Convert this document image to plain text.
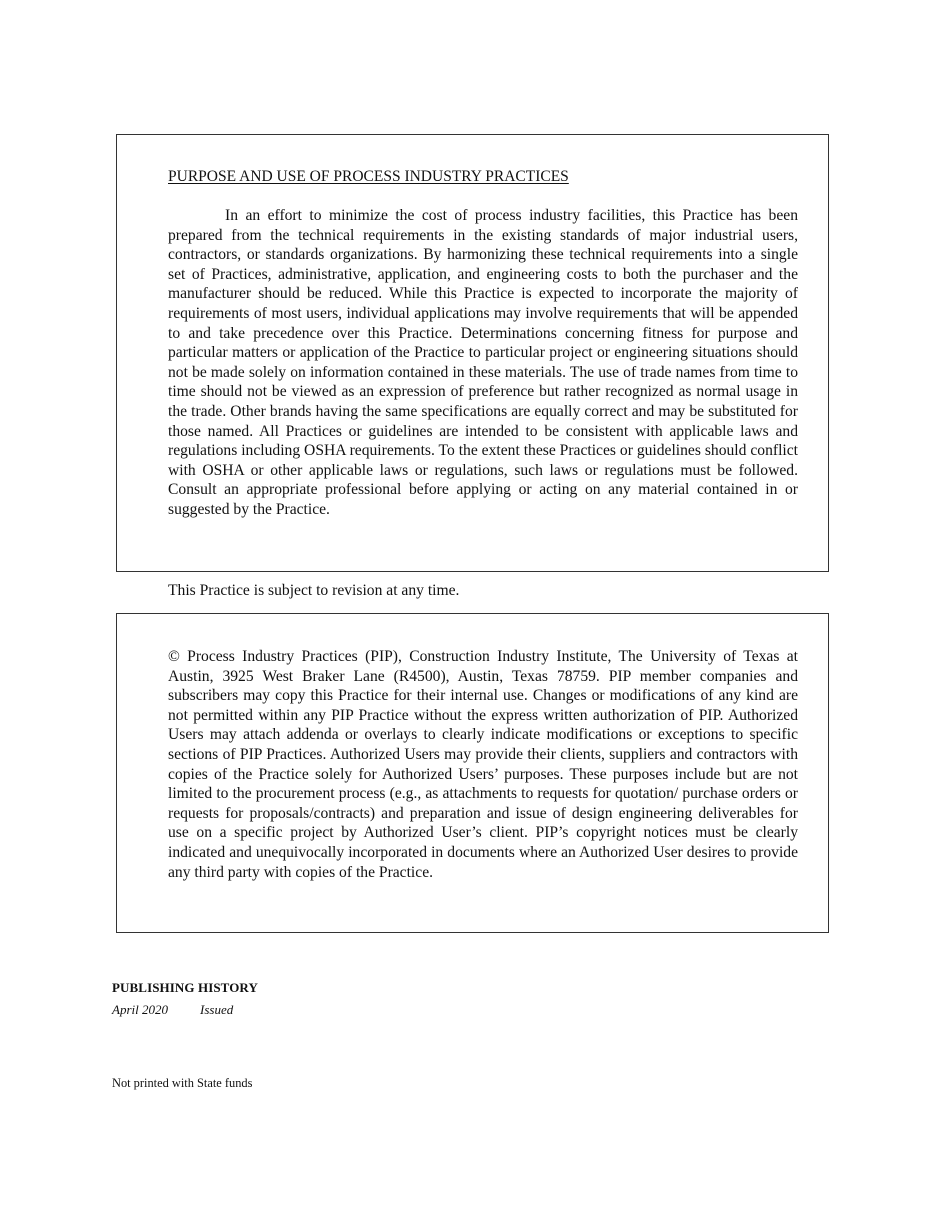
PURPOSE AND USE OF PROCESS INDUSTRY PRACTICES

In an effort to minimize the cost of process industry facilities, this Practice has been prepared from the technical requirements in the existing standards of major industrial users, contractors, or standards organizations. By harmonizing these technical requirements into a single set of Practices, administrative, application, and engineering costs to both the purchaser and the manufacturer should be reduced. While this Practice is expected to incorporate the majority of requirements of most users, individual applications may involve requirements that will be appended to and take precedence over this Practice. Determinations concerning fitness for purpose and particular matters or application of the Practice to particular project or engineering situations should not be made solely on information contained in these materials. The use of trade names from time to time should not be viewed as an expression of preference but rather recognized as normal usage in the trade. Other brands having the same specifications are equally correct and may be substituted for those named. All Practices or guidelines are intended to be consistent with applicable laws and regulations including OSHA requirements. To the extent these Practices or guidelines should conflict with OSHA or other applicable laws or regulations, such laws or regulations must be followed. Consult an appropriate professional before applying or acting on any material contained in or suggested by the Practice.

This Practice is subject to revision at any time.

© Process Industry Practices (PIP), Construction Industry Institute, The University of Texas at Austin, 3925 West Braker Lane (R4500), Austin, Texas 78759. PIP member companies and subscribers may copy this Practice for their internal use. Changes or modifications of any kind are not permitted within any PIP Practice without the express written authorization of PIP. Authorized Users may attach addenda or overlays to clearly indicate modifications or exceptions to specific sections of PIP Practices. Authorized Users may provide their clients, suppliers and contractors with copies of the Practice solely for Authorized Users’ purposes. These purposes include but are not limited to the procurement process (e.g., as attachments to requests for quotation/ purchase orders or requests for proposals/contracts) and preparation and issue of design engineering deliverables for use on a specific project by Authorized User’s client. PIP’s copyright notices must be clearly indicated and unequivocally incorporated in documents where an Authorized User desires to provide any third party with copies of the Practice.

PUBLISHING HISTORY
April 2020 Issued
Not printed with State funds
